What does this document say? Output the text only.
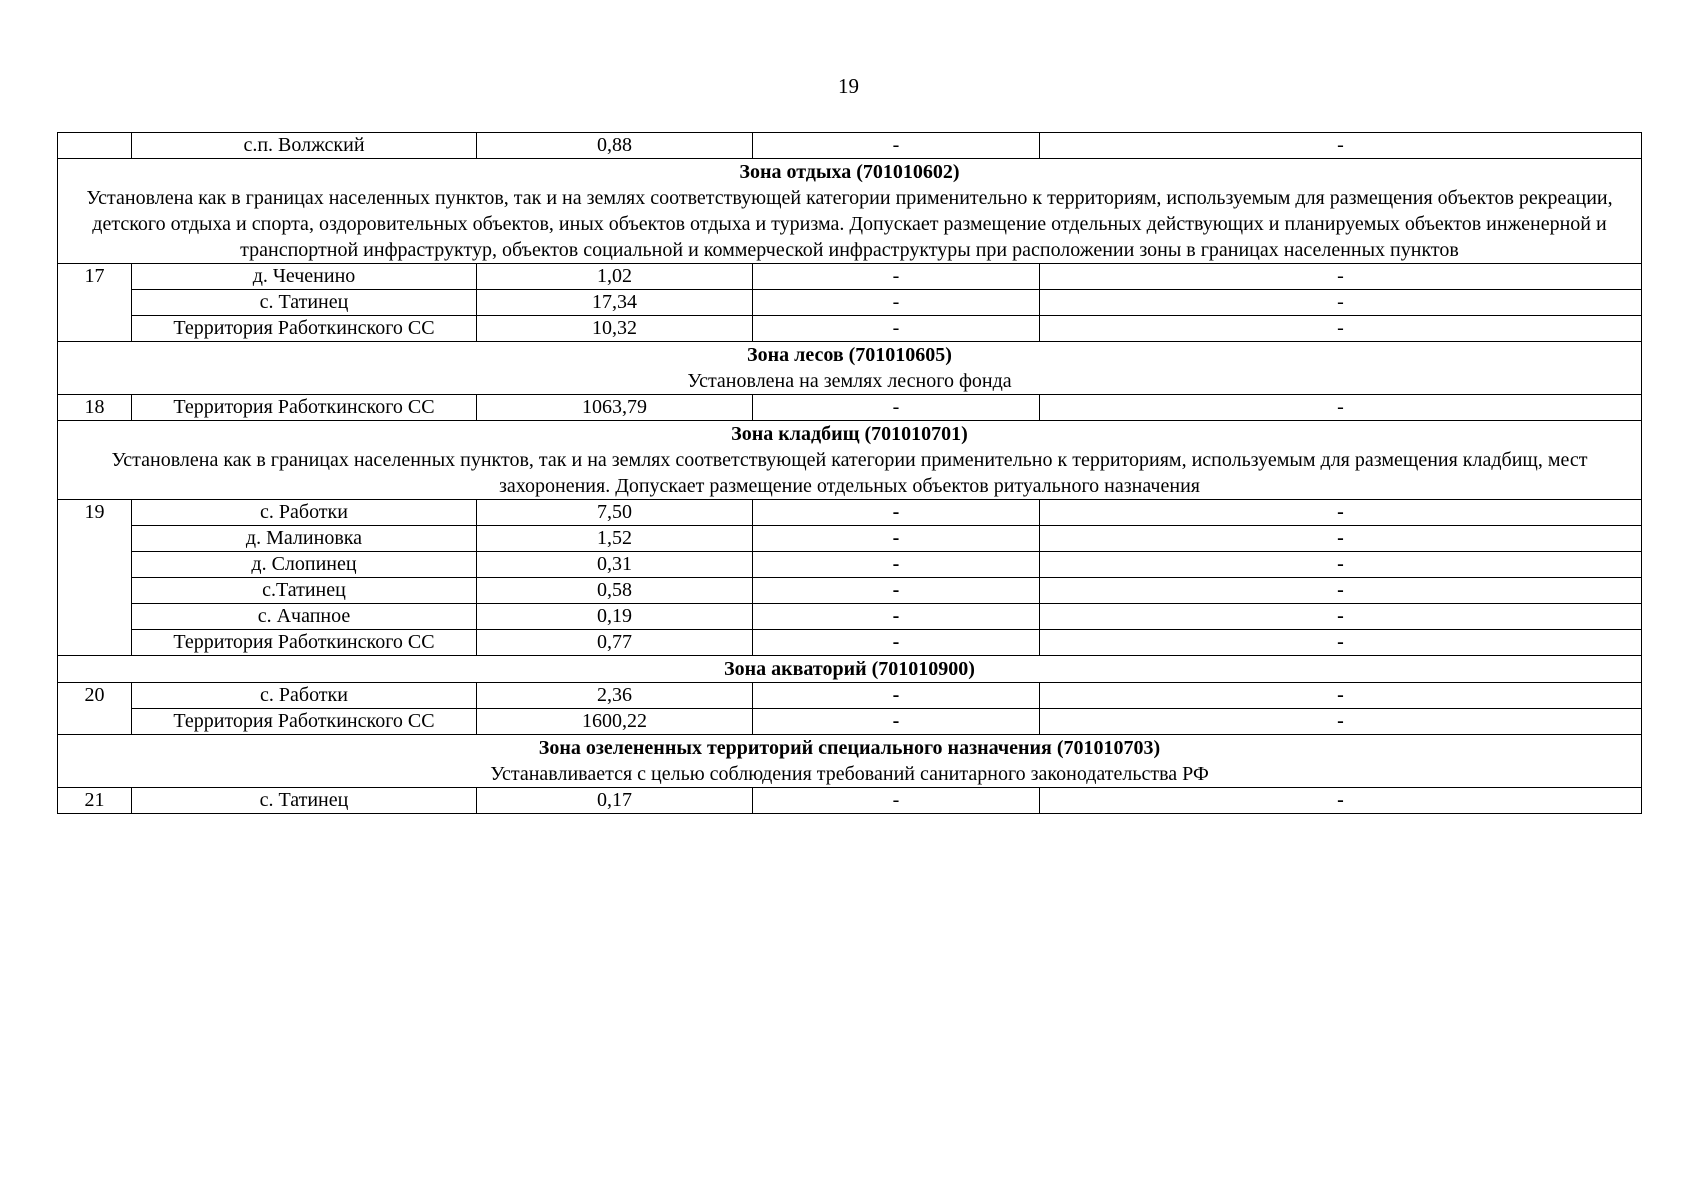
19
	с.п. Волжский	0,88	-	-

Зона отдыха (701010602)
Установлена как в границах населенных пунктов, так и на землях соответствующей категории применительно к территориям, используемым для размещения объектов рекреации, детского отдыха и спорта, оздоровительных объектов, иных объектов отдыха и туризма. Допускает размещение отдельных действующих и планируемых объектов инженерной и транспортной инфраструктур, объектов социальной и коммерческой инфраструктуры при расположении зоны в границах населенных пунктов				

17	д. Чеченино	1,02	-	-
	с. Татинец	17,34	-	-
	Территория Работкинского СС	10,32	-	-

Зона лесов (701010605)
Установлена на землях лесного фонда				

18	Территория Работкинского СС	1063,79	-	-

Зона кладбищ (701010701)
Установлена как в границах населенных пунктов, так и на землях соответствующей категории применительно к территориям, используемым для размещения кладбищ, мест захоронения. Допускает размещение отдельных объектов ритуального назначения				

19	с. Работки	7,50	-	-
	д. Малиновка	1,52	-	-
	д. Слопинец	0,31	-	-
	с.Татинец	0,58	-	-
	с. Ачапное	0,19	-	-
	Территория Работкинского СС	0,77	-	-

Зона акваторий (701010900)				

20	с. Работки	2,36	-	-
	Территория Работкинского СС	1600,22	-	-

Зона озелененных территорий специального назначения (701010703)
Устанавливается с целью соблюдения требований санитарного законодательства РФ				

21	с. Татинец	0,17	-	-
